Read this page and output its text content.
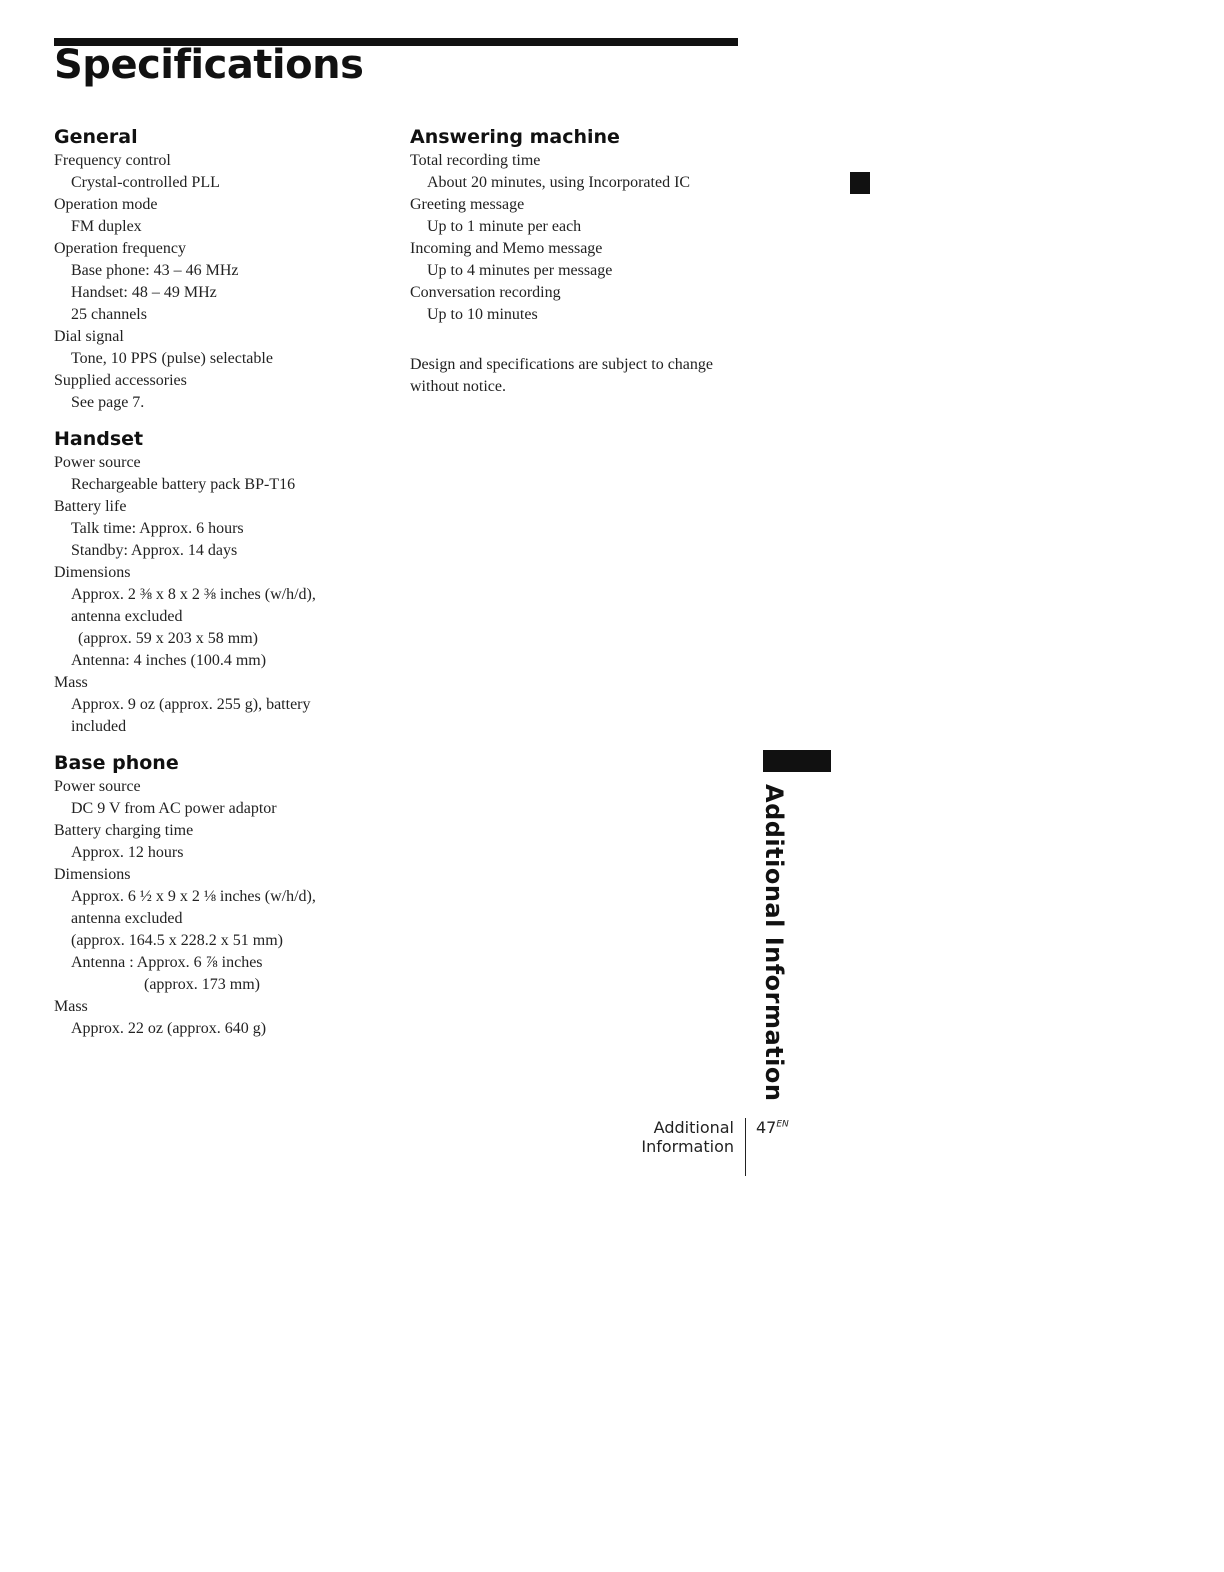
Specifications
General
Frequency control
Crystal-controlled PLL
Operation mode
FM duplex
Operation frequency
Base phone: 43 – 46 MHz
Handset: 48 – 49 MHz
25 channels
Dial signal
Tone, 10 PPS (pulse) selectable
Supplied accessories
See page 7.
Handset
Power source
Rechargeable battery pack BP-T16
Battery life
Talk time: Approx. 6 hours
Standby: Approx. 14 days
Dimensions
Approx. 2 ⅜ x 8 x 2 ⅜ inches (w/h/d),
antenna excluded
(approx. 59 x 203 x 58 mm)
Antenna: 4 inches (100.4 mm)
Mass
Approx. 9 oz (approx. 255 g), battery
included
Base phone
Power source
DC 9 V from AC power adaptor
Battery charging time
Approx. 12 hours
Dimensions
Approx. 6 ½ x 9 x 2 ⅛ inches (w/h/d),
antenna excluded
(approx. 164.5 x 228.2 x 51 mm)
Antenna : Approx. 6 ⅞ inches
(approx. 173 mm)
Mass
Approx. 22 oz (approx. 640 g)
Answering machine
Total recording time
About 20 minutes, using Incorporated IC
Greeting message
Up to 1 minute per each
Incoming and Memo message
Up to 4 minutes per message
Conversation recording
Up to 10 minutes
Design and specifications are subject to change without notice.
Additional Information
Additional Information
$47^{EN}$
